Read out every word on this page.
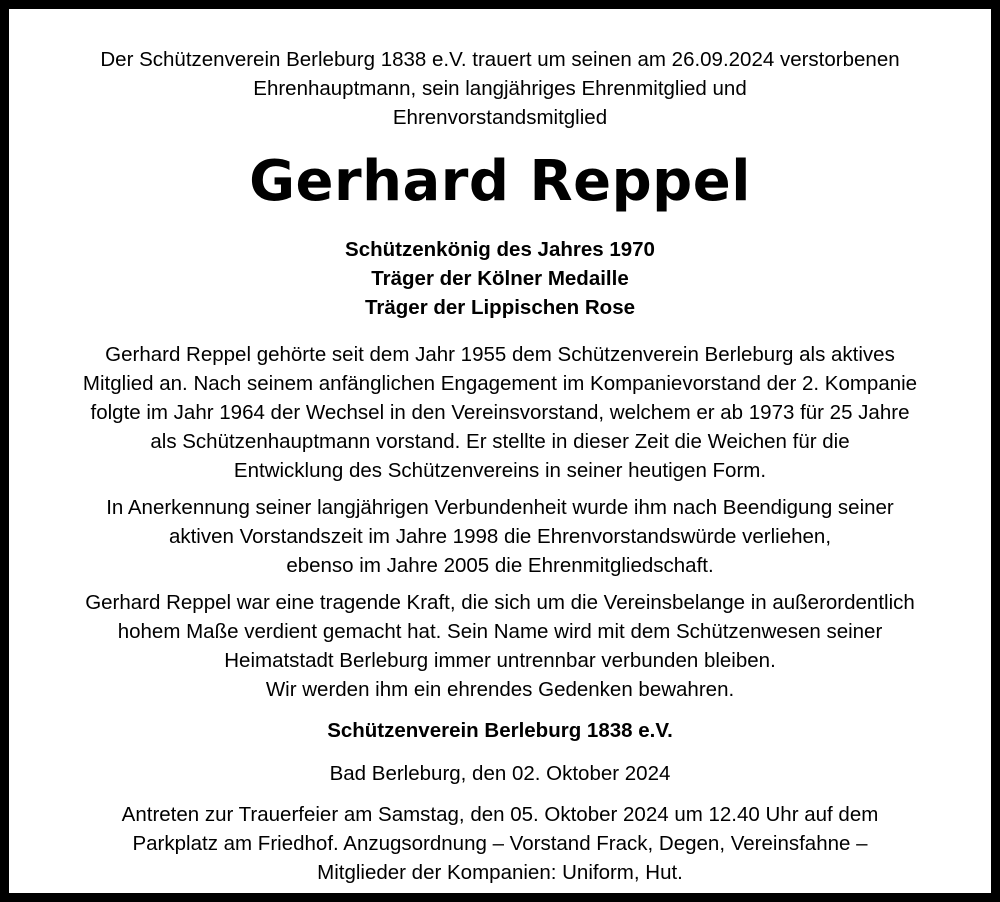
Der Schützenverein Berleburg 1838 e.V. trauert um seinen am 26.09.2024 verstorbenen
Ehrenhauptmann, sein langjähriges Ehrenmitglied und
Ehrenvorstandsmitglied

Gerhard Reppel

Schützenkönig des Jahres 1970
Träger der Kölner Medaille
Träger der Lippischen Rose

Gerhard Reppel gehörte seit dem Jahr 1955 dem Schützenverein Berleburg als aktives
Mitglied an. Nach seinem anfänglichen Engagement im Kompanievorstand der 2. Kompanie
folgte im Jahr 1964 der Wechsel in den Vereinsvorstand, welchem er ab 1973 für 25 Jahre
als Schützenhauptmann vorstand. Er stellte in dieser Zeit die Weichen für die
Entwicklung des Schützenvereins in seiner heutigen Form.

In Anerkennung seiner langjährigen Verbundenheit wurde ihm nach Beendigung seiner
aktiven Vorstandszeit im Jahre 1998 die Ehrenvorstandswürde verliehen,
ebenso im Jahre 2005 die Ehrenmitgliedschaft.

Gerhard Reppel war eine tragende Kraft, die sich um die Vereinsbelange in außerordentlich
hohem Maße verdient gemacht hat. Sein Name wird mit dem Schützenwesen seiner
Heimatstadt Berleburg immer untrennbar verbunden bleiben.
Wir werden ihm ein ehrendes Gedenken bewahren.

Schützenverein Berleburg 1838 e.V.

Bad Berleburg, den 02. Oktober 2024

Antreten zur Trauerfeier am Samstag, den 05. Oktober 2024 um 12.40 Uhr auf dem
Parkplatz am Friedhof. Anzugsordnung – Vorstand Frack, Degen, Vereinsfahne –
Mitglieder der Kompanien: Uniform, Hut.
